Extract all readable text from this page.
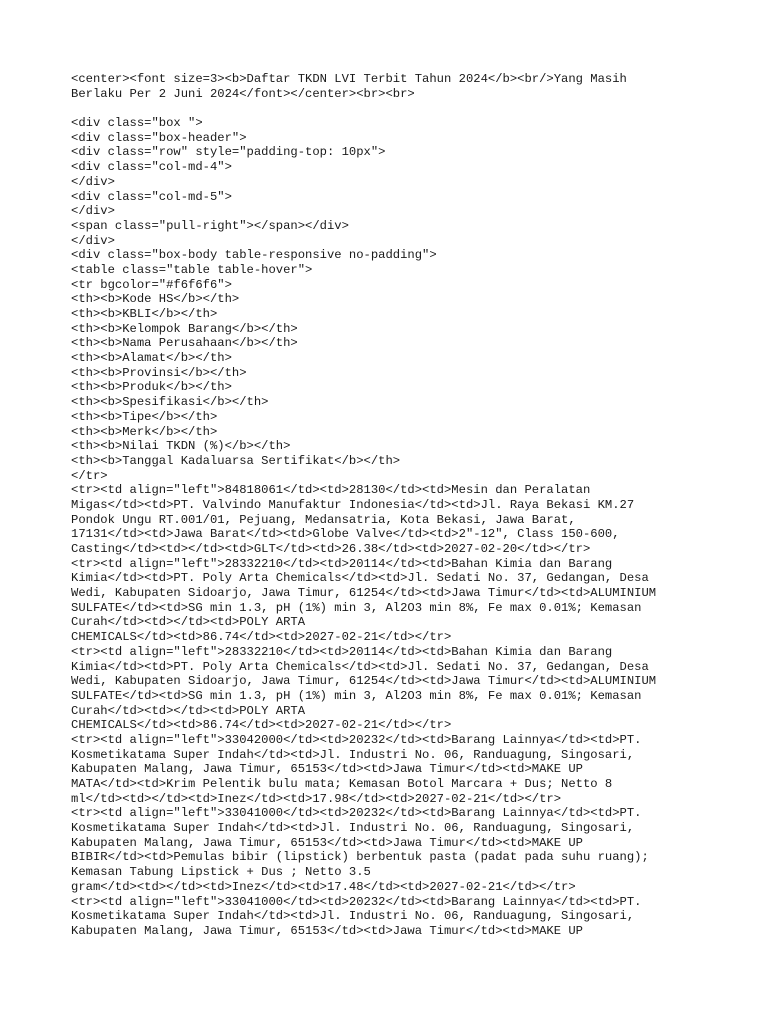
<center><font size=3><b>Daftar TKDN LVI Terbit Tahun 2024</b><br/>Yang Masih
Berlaku Per 2 Juni 2024</font></center><br><br>
<div class="box ">
<div class="box-header">
<div class="row" style="padding-top: 10px">
<div class="col-md-4">
</div>
<div class="col-md-5">
</div>
<span class="pull-right"></span></div>
</div>
<div class="box-body table-responsive no-padding">
<table class="table table-hover">
<tr bgcolor="#f6f6f6">
<th><b>Kode HS</b></th>
<th><b>KBLI</b></th>
<th><b>Kelompok Barang</b></th>
<th><b>Nama Perusahaan</b></th>
<th><b>Alamat</b></th>
<th><b>Provinsi</b></th>
<th><b>Produk</b></th>
<th><b>Spesifikasi</b></th>
<th><b>Tipe</b></th>
<th><b>Merk</b></th>
<th><b>Nilai TKDN (%)</b></th>
<th><b>Tanggal Kadaluarsa Sertifikat</b></th>
</tr>
<tr><td align="left">84818061</td><td>28130</td><td>Mesin dan Peralatan
Migas</td><td>PT. Valvindo Manufaktur Indonesia</td><td>Jl. Raya Bekasi KM.27
Pondok Ungu RT.001/01, Pejuang, Medansatria, Kota Bekasi, Jawa Barat,
17131</td><td>Jawa Barat</td><td>Globe Valve</td><td>2"-12", Class 150-600,
Casting</td><td></td><td>GLT</td><td>26.38</td><td>2027-02-20</td></tr>
<tr><td align="left">28332210</td><td>20114</td><td>Bahan Kimia dan Barang
Kimia</td><td>PT. Poly Arta Chemicals</td><td>Jl. Sedati No. 37, Gedangan, Desa
Wedi, Kabupaten Sidoarjo, Jawa Timur, 61254</td><td>Jawa Timur</td><td>ALUMINIUM
SULFATE</td><td>SG min 1.3, pH (1%) min 3, Al2O3 min 8%, Fe max 0.01%; Kemasan
Curah</td><td></td><td>POLY ARTA
CHEMICALS</td><td>86.74</td><td>2027-02-21</td></tr>
<tr><td align="left">28332210</td><td>20114</td><td>Bahan Kimia dan Barang
Kimia</td><td>PT. Poly Arta Chemicals</td><td>Jl. Sedati No. 37, Gedangan, Desa
Wedi, Kabupaten Sidoarjo, Jawa Timur, 61254</td><td>Jawa Timur</td><td>ALUMINIUM
SULFATE</td><td>SG min 1.3, pH (1%) min 3, Al2O3 min 8%, Fe max 0.01%; Kemasan
Curah</td><td></td><td>POLY ARTA
CHEMICALS</td><td>86.74</td><td>2027-02-21</td></tr>
<tr><td align="left">33042000</td><td>20232</td><td>Barang Lainnya</td><td>PT.
Kosmetikatama Super Indah</td><td>Jl. Industri No. 06, Randuagung, Singosari,
Kabupaten Malang, Jawa Timur, 65153</td><td>Jawa Timur</td><td>MAKE UP
MATA</td><td>Krim Pelentik bulu mata; Kemasan Botol Marcara + Dus; Netto 8
ml</td><td></td><td>Inez</td><td>17.98</td><td>2027-02-21</td></tr>
<tr><td align="left">33041000</td><td>20232</td><td>Barang Lainnya</td><td>PT.
Kosmetikatama Super Indah</td><td>Jl. Industri No. 06, Randuagung, Singosari,
Kabupaten Malang, Jawa Timur, 65153</td><td>Jawa Timur</td><td>MAKE UP
BIBIR</td><td>Pemulas bibir (lipstick) berbentuk pasta (padat pada suhu ruang);
Kemasan Tabung Lipstick + Dus ; Netto 3.5
gram</td><td></td><td>Inez</td><td>17.48</td><td>2027-02-21</td></tr>
<tr><td align="left">33041000</td><td>20232</td><td>Barang Lainnya</td><td>PT.
Kosmetikatama Super Indah</td><td>Jl. Industri No. 06, Randuagung, Singosari,
Kabupaten Malang, Jawa Timur, 65153</td><td>Jawa Timur</td><td>MAKE UP
